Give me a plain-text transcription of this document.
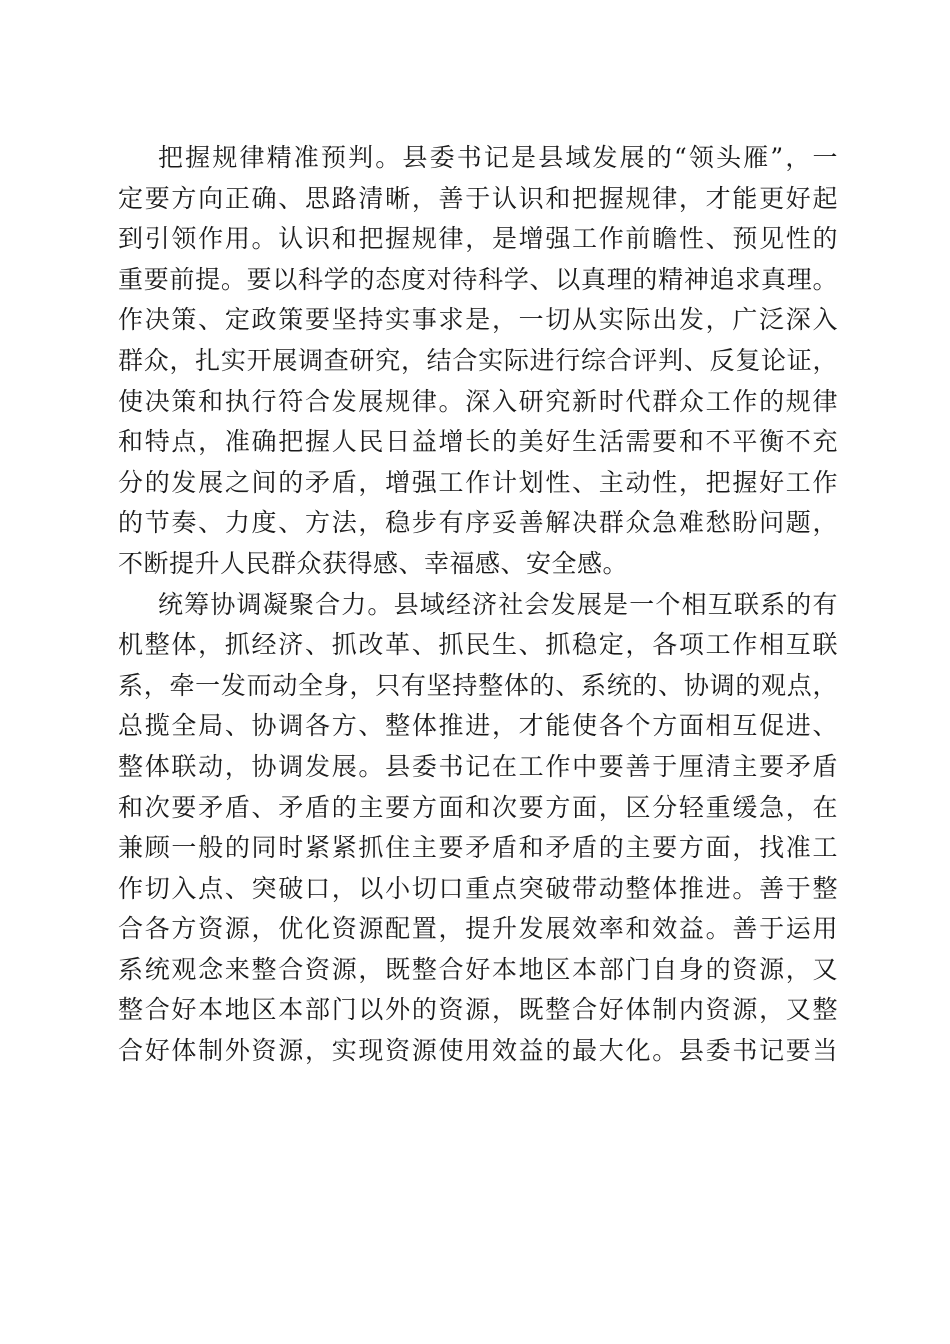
把握规律精准预判。县委书记是县域发展的“领头雁”，一
定要方向正确、思路清晰，善于认识和把握规律，才能更好起
到引领作用。认识和把握规律，是增强工作前瞻性、预见性的
重要前提。要以科学的态度对待科学、以真理的精神追求真理。
作决策、定政策要坚持实事求是，一切从实际出发，广泛深入
群众，扎实开展调查研究，结合实际进行综合评判、反复论证，
使决策和执行符合发展规律。深入研究新时代群众工作的规律
和特点，准确把握人民日益增长的美好生活需要和不平衡不充
分的发展之间的矛盾，增强工作计划性、主动性，把握好工作
的节奏、力度、方法，稳步有序妥善解决群众急难愁盼问题，
不断提升人民群众获得感、幸福感、安全感。
统筹协调凝聚合力。县域经济社会发展是一个相互联系的有
机整体，抓经济、抓改革、抓民生、抓稳定，各项工作相互联
系，牵一发而动全身，只有坚持整体的、系统的、协调的观点，
总揽全局、协调各方、整体推进，才能使各个方面相互促进、
整体联动，协调发展。县委书记在工作中要善于厘清主要矛盾
和次要矛盾、矛盾的主要方面和次要方面，区分轻重缓急，在
兼顾一般的同时紧紧抓住主要矛盾和矛盾的主要方面，找准工
作切入点、突破口，以小切口重点突破带动整体推进。善于整
合各方资源，优化资源配置，提升发展效率和效益。善于运用
系统观念来整合资源，既整合好本地区本部门自身的资源，又
整合好本地区本部门以外的资源，既整合好体制内资源，又整
合好体制外资源，实现资源使用效益的最大化。县委书记要当
